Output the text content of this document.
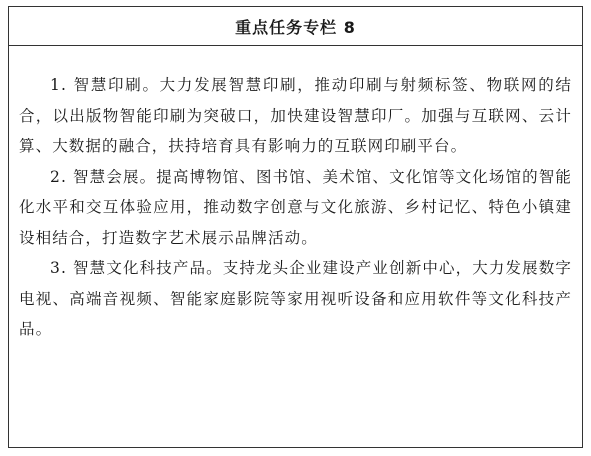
重点任务专栏 8

1. 智慧印刷。大力发展智慧印刷，推动印刷与射频标签、物联网的结合，以出版物智能印刷为突破口，加快建设智慧印厂。加强与互联网、云计算、大数据的融合，扶持培育具有影响力的互联网印刷平台。

2. 智慧会展。提高博物馆、图书馆、美术馆、文化馆等文化场馆的智能化水平和交互体验应用，推动数字创意与文化旅游、乡村记忆、特色小镇建设相结合，打造数字艺术展示品牌活动。

3. 智慧文化科技产品。支持龙头企业建设产业创新中心，大力发展数字电视、高端音视频、智能家庭影院等家用视听设备和应用软件等文化科技产品。
